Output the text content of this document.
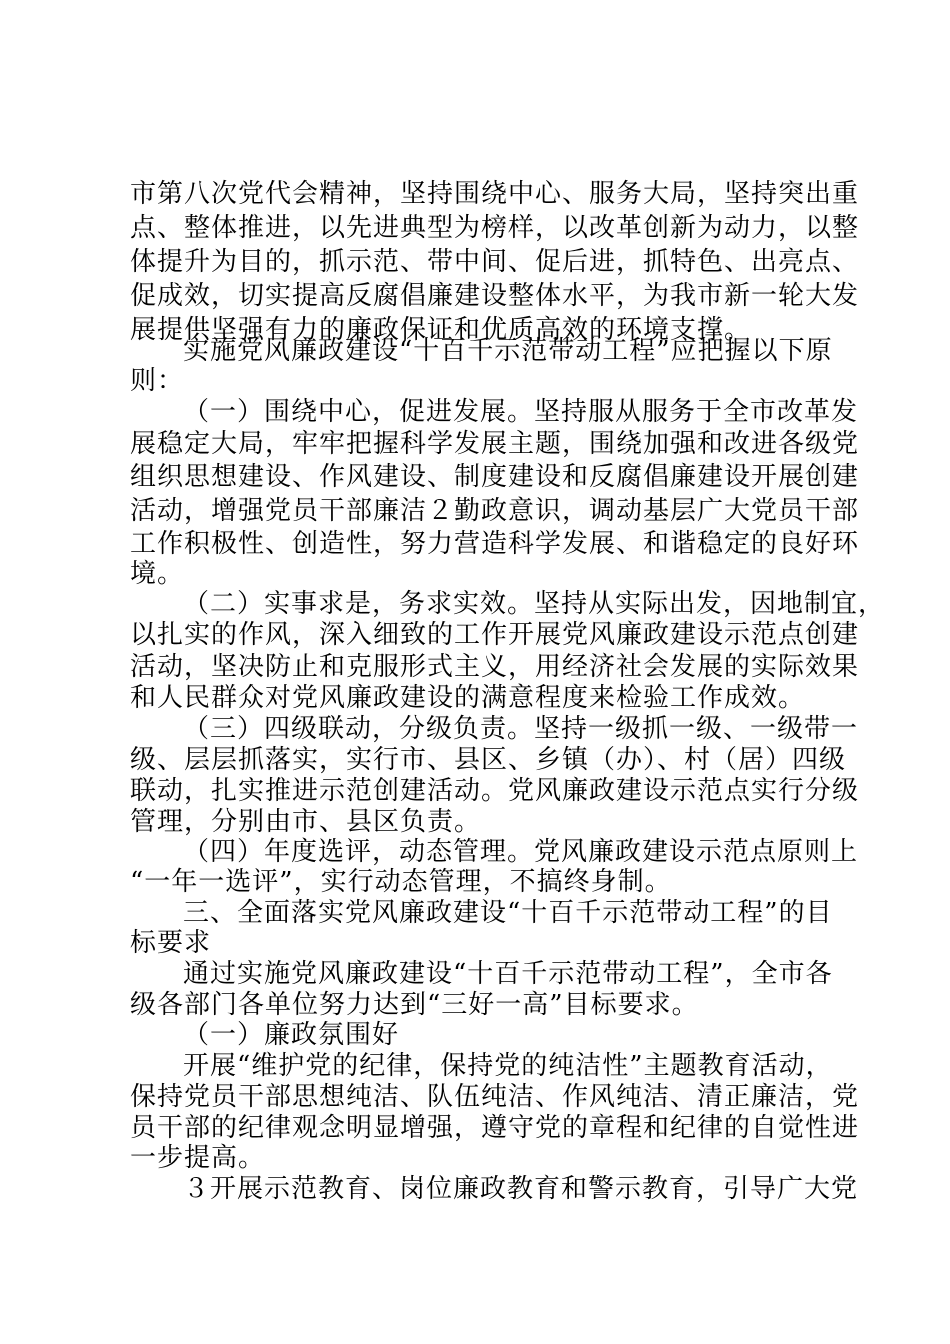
市第八次党代会精神，坚持围绕中心、服务大局，坚持突出重
点、整体推进，以先进典型为榜样，以改革创新为动力，以整
体提升为目的，抓示范、带中间、促后进，抓特色、出亮点、
促成效，切实提高反腐倡廉建设整体水平，为我市新一轮大发
展提供坚强有力的廉政保证和优质高效的环境支撑。
实施党风廉政建设“十百千示范带动工程”应把握以下原
则：
（一）围绕中心，促进发展。坚持服从服务于全市改革发
展稳定大局，牢牢把握科学发展主题，围绕加强和改进各级党
组织思想建设、作风建设、制度建设和反腐倡廉建设开展创建
活动，增强党员干部廉洁２勤政意识，调动基层广大党员干部
工作积极性、创造性，努力营造科学发展、和谐稳定的良好环
境。
（二）实事求是，务求实效。坚持从实际出发，因地制宜，
以扎实的作风，深入细致的工作开展党风廉政建设示范点创建
活动，坚决防止和克服形式主义，用经济社会发展的实际效果
和人民群众对党风廉政建设的满意程度来检验工作成效。
（三）四级联动，分级负责。坚持一级抓一级、一级带一
级、层层抓落实，实行市、县区、乡镇（办）、村（居）四级
联动，扎实推进示范创建活动。党风廉政建设示范点实行分级
管理，分别由市、县区负责。
（四）年度选评，动态管理。党风廉政建设示范点原则上
“一年一选评”，实行动态管理，不搞终身制。
三、全面落实党风廉政建设“十百千示范带动工程”的目
标要求
通过实施党风廉政建设“十百千示范带动工程”，全市各
级各部门各单位努力达到“三好一高”目标要求。
（一）廉政氛围好
开展“维护党的纪律，保持党的纯洁性”主题教育活动，
保持党员干部思想纯洁、队伍纯洁、作风纯洁、清正廉洁，党
员干部的纪律观念明显增强，遵守党的章程和纪律的自觉性进
一步提高。
３开展示范教育、岗位廉政教育和警示教育，引导广大党
